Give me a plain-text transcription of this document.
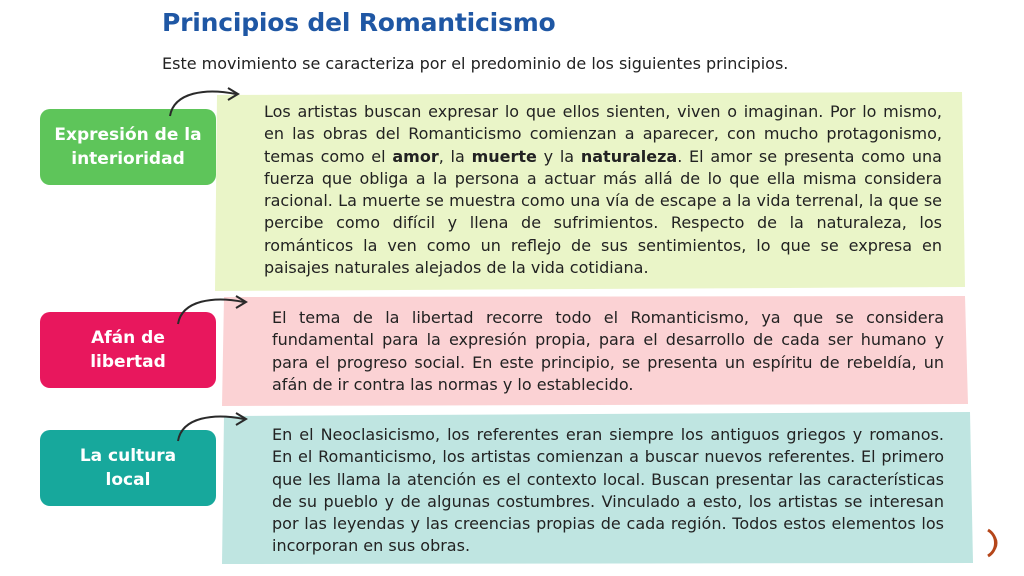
Principios del Romanticismo
Este movimiento se caracteriza por el predominio de los siguientes principios.
Expresión de la interioridad

Los artistas buscan expresar lo que ellos sienten, viven o imaginan. Por lo mismo, en las obras del Romanticismo comienzan a aparecer, con mucho protagonismo, temas como el amor, la muerte y la naturaleza. El amor se presenta como una fuerza que obliga a la persona a actuar más allá de lo que ella misma considera racional. La muerte se muestra como una vía de escape a la vida terrenal, la que se percibe como difícil y llena de sufrimientos. Respecto de la naturaleza, los románticos la ven como un reflejo de sus sentimientos, lo que se expresa en paisajes naturales alejados de la vida cotidiana.

Afán de libertad

El tema de la libertad recorre todo el Romanticismo, ya que se considera fundamental para la expresión propia, para el desarrollo de cada ser humano y para el progreso social. En este principio, se presenta un espíritu de rebeldía, un afán de ir contra las normas y lo establecido.

La cultura local

En el Neoclasicismo, los referentes eran siempre los antiguos griegos y romanos. En el Romanticismo, los artistas comienzan a buscar nuevos referentes. El primero que les llama la atención es el contexto local. Buscan presentar las características de su pueblo y de algunas costumbres. Vinculado a esto, los artistas se interesan por las leyendas y las creencias propias de cada región. Todos estos elementos los incorporan en sus obras.
